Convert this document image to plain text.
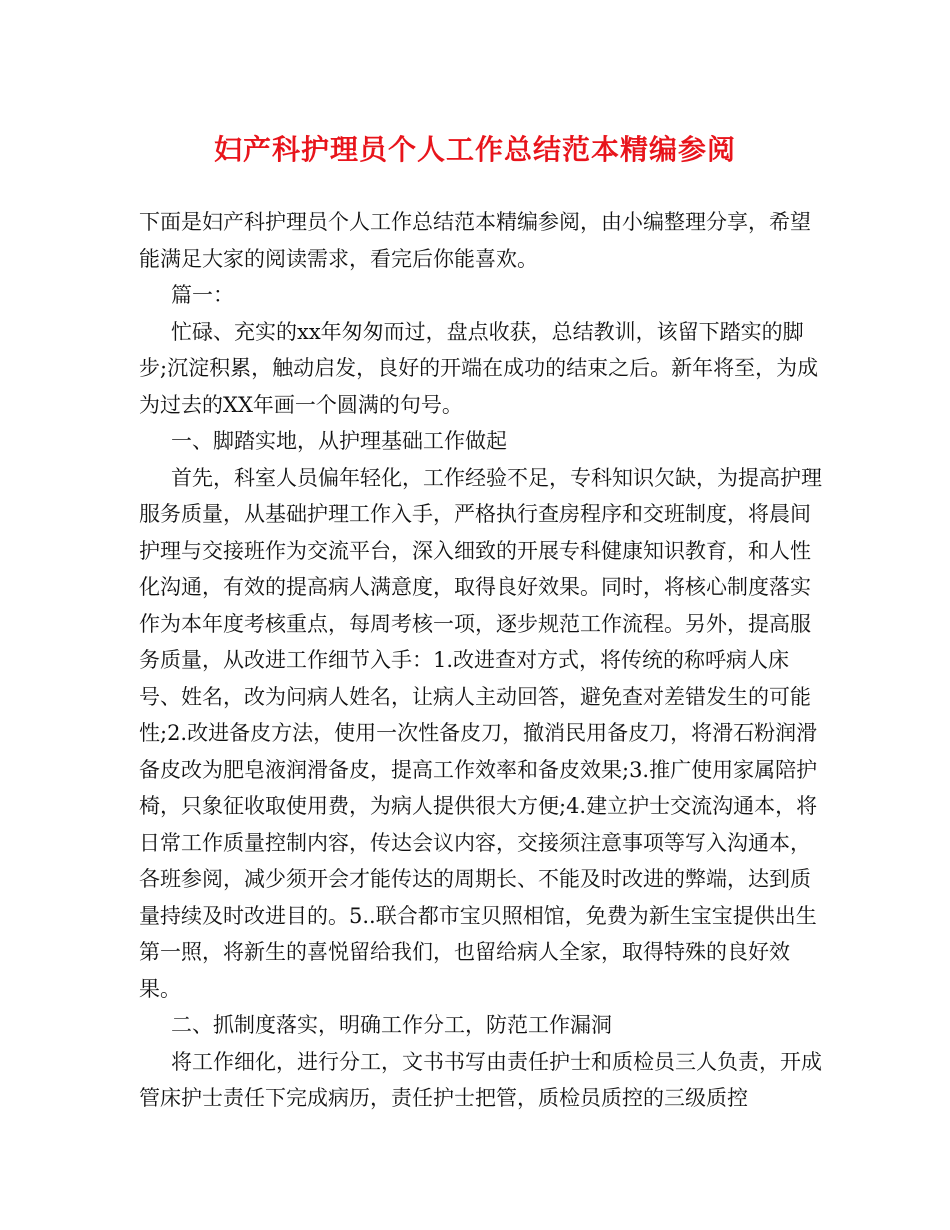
妇产科护理员个人工作总结范本精编参阅

下面是妇产科护理员个人工作总结范本精编参阅，由小编整理分享，希望能满足大家的阅读需求，看完后你能喜欢。

篇一：

忙碌、充实的xx年匆匆而过，盘点收获，总结教训，该留下踏实的脚步;沉淀积累，触动启发，良好的开端在成功的结束之后。新年将至，为成为过去的XX年画一个圆满的句号。

一、脚踏实地，从护理基础工作做起

首先，科室人员偏年轻化，工作经验不足，专科知识欠缺，为提高护理服务质量，从基础护理工作入手，严格执行查房程序和交班制度，将晨间护理与交接班作为交流平台，深入细致的开展专科健康知识教育，和人性化沟通，有效的提高病人满意度，取得良好效果。同时，将核心制度落实作为本年度考核重点，每周考核一项，逐步规范工作流程。另外，提高服务质量，从改进工作细节入手：1.改进查对方式，将传统的称呼病人床号、姓名，改为问病人姓名，让病人主动回答，避免查对差错发生的可能性;2.改进备皮方法，使用一次性备皮刀，撤消民用备皮刀，将滑石粉润滑备皮改为肥皂液润滑备皮，提高工作效率和备皮效果;3.推广使用家属陪护椅，只象征收取使用费，为病人提供很大方便;4.建立护士交流沟通本，将日常工作质量控制内容，传达会议内容，交接须注意事项等写入沟通本，各班参阅，减少须开会才能传达的周期长、不能及时改进的弊端，达到质量持续及时改进目的。5..联合都市宝贝照相馆，免费为新生宝宝提供出生第一照，将新生的喜悦留给我们，也留给病人全家，取得特殊的良好效果。

二、抓制度落实，明确工作分工，防范工作漏洞

将工作细化，进行分工，文书书写由责任护士和质检员三人负责，开成管床护士责任下完成病历，责任护士把管，质检员质控的三级质控
